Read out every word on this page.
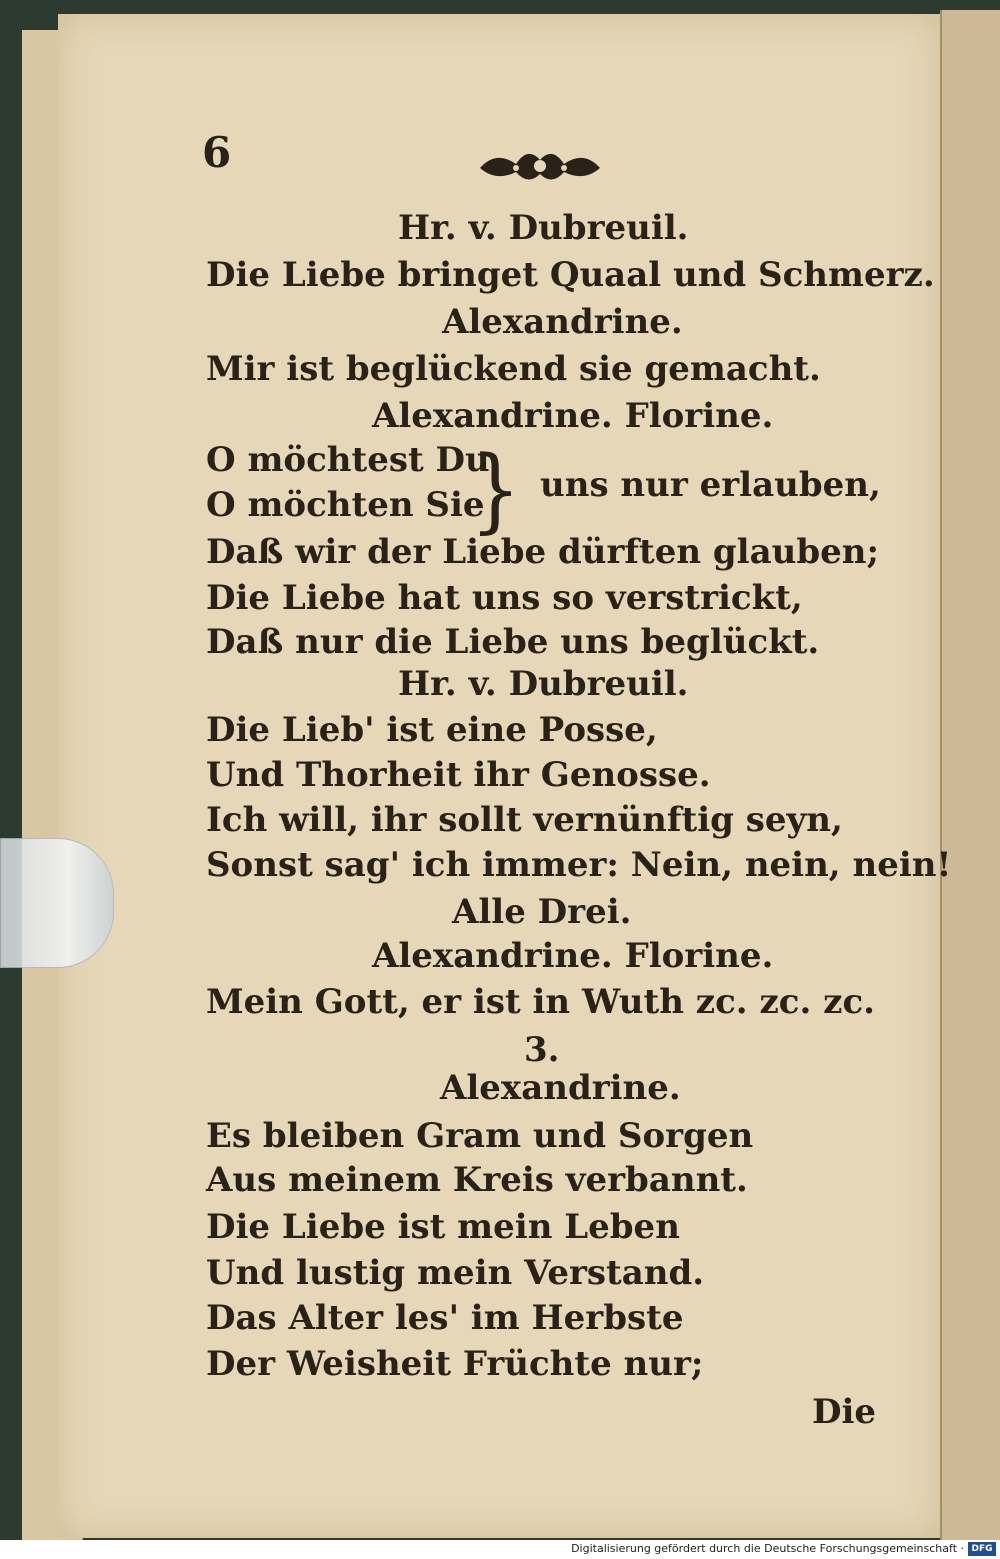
6
Hr. v. Dubreuil.
Die Liebe bringet Quaal und Schmerz.
Alexandrine.
Mir ist beglückend sie gemacht.
Alexandrine. Florine.
O möchtest Du
uns nur erlauben,
O möchten Sie
Daß wir der Liebe dürften glauben;
Die Liebe hat uns so verstrickt,
Daß nur die Liebe uns beglückt.
Hr. v. Dubreuil.
Die Lieb' ist eine Posse,
Und Thorheit ihr Genosse.
Ich will, ihr sollt vernünftig seyn,
Sonst sag' ich immer: Nein, nein, nein!
Alle Drei.
Alexandrine. Florine.
Mein Gott, er ist in Wuth zc. zc. zc.
3.
Alexandrine.
Es bleiben Gram und Sorgen
Aus meinem Kreis verbannt.
Die Liebe ist mein Leben
Und lustig mein Verstand.
Das Alter les' im Herbste
Der Weisheit Früchte nur;
}
Die
Digitalisierung gefördert durch die Deutsche Forschungsgemeinschaft · DFG
